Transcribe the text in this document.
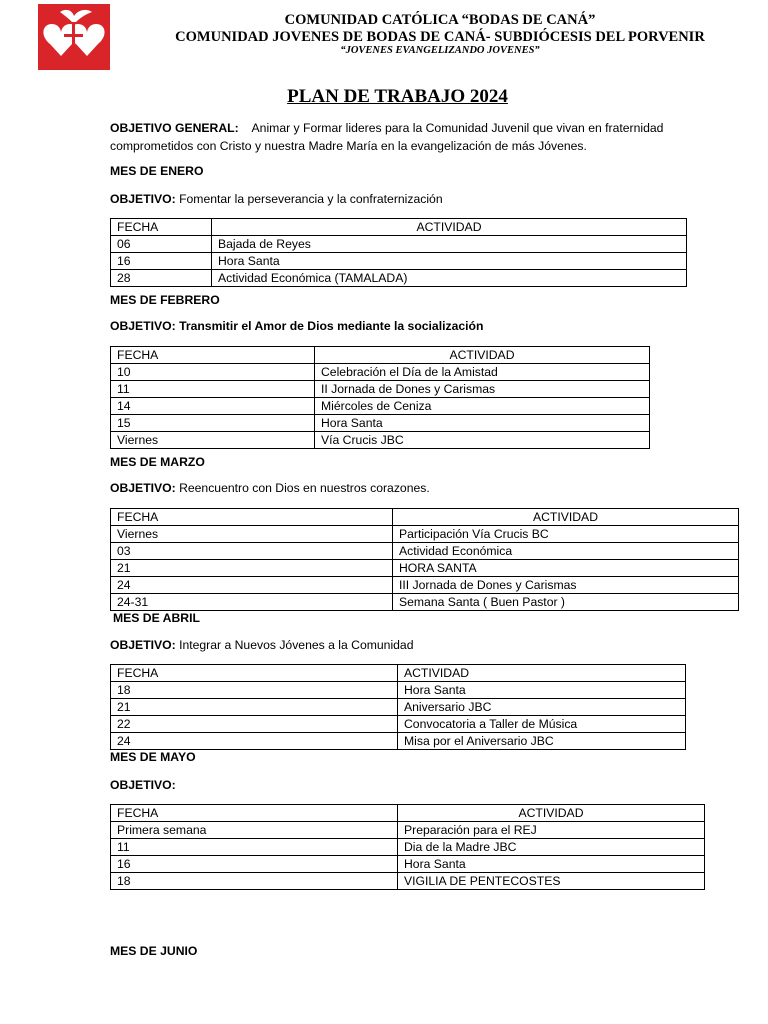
COMUNIDAD CATÓLICA “BODAS DE CANÁ”
COMUNIDAD JOVENES DE BODAS DE CANÁ- SUBDIÓCESIS DEL PORVENIR
“JOVENES EVANGELIZANDO JOVENES”
PLAN DE TRABAJO 2024
OBJETIVO GENERAL: Animar y Formar lideres para la Comunidad Juvenil que vivan en fraternidad comprometidos con Cristo y nuestra Madre María en la evangelización de más Jóvenes.
MES DE ENERO
OBJETIVO: Fomentar la perseverancia y la confraternización
FECHA	ACTIVIDAD
06	Bajada de Reyes
16	Hora Santa
28	Actividad Económica (TAMALADA)
MES DE FEBRERO
OBJETIVO: Transmitir el Amor de Dios mediante la socialización
FECHA	ACTIVIDAD
10	Celebración el Día de la Amistad
11	II Jornada de Dones y Carismas
14	Miércoles de Ceniza
15	Hora Santa
Viernes	Vía Crucis JBC
MES DE MARZO
OBJETIVO: Reencuentro con Dios en nuestros corazones.
FECHA	ACTIVIDAD
Viernes	Participación Vía Crucis BC
03	Actividad Económica
21	HORA SANTA
24	III Jornada de Dones y Carismas
24-31	Semana Santa ( Buen Pastor )
MES DE ABRIL
OBJETIVO: Integrar a Nuevos Jóvenes a la Comunidad
FECHA	ACTIVIDAD
18	Hora Santa
21	Aniversario JBC
22	Convocatoria a Taller de Música
24	Misa por el Aniversario JBC
MES DE MAYO
OBJETIVO:
FECHA	ACTIVIDAD
Primera semana	Preparación para el REJ
11	Dia de la Madre JBC
16	Hora Santa
18	VIGILIA DE PENTECOSTES
MES DE JUNIO
